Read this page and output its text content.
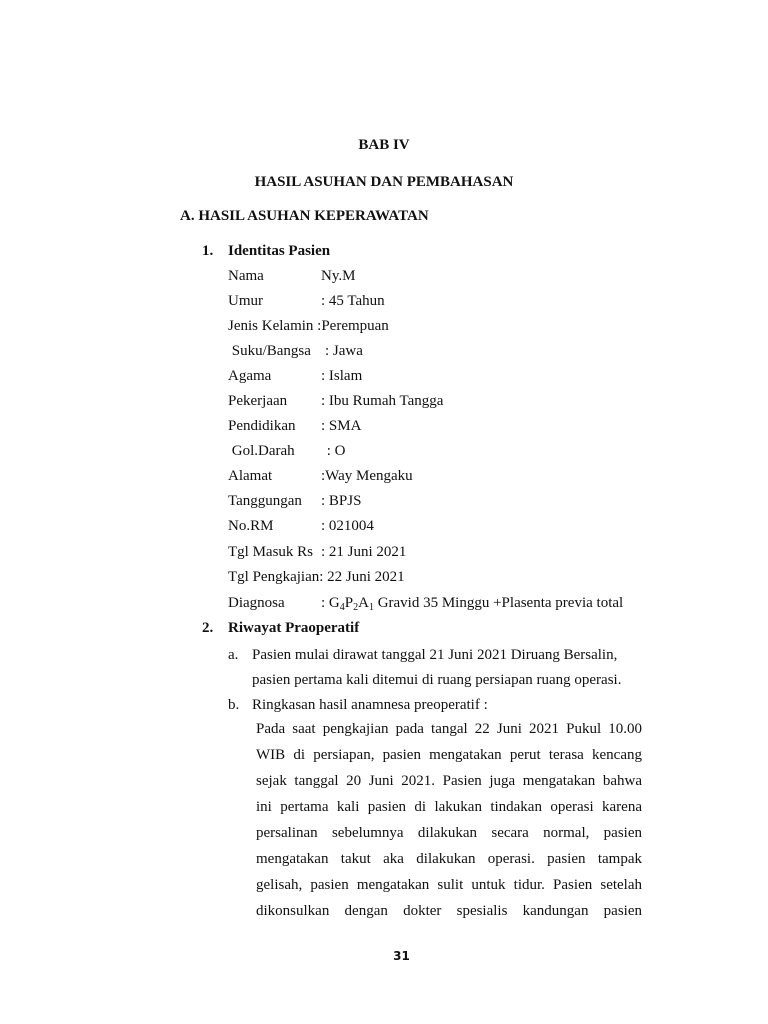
BAB IV
HASIL ASUHAN DAN PEMBAHASAN
A. HASIL ASUHAN KEPERAWATAN
1. Identitas Pasien
Nama	Ny.M
Umur	: 45 Tahun
Jenis Kelamin :Perempuan
Suku/Bangsa : Jawa
Agama	: Islam
Pekerjaan : Ibu Rumah Tangga
Pendidikan : SMA
Gol.Darah : O
Alamat	:Way Mengaku
Tanggungan : BPJS
No.RM	: 021004
Tgl Masuk Rs : 21 Juni 2021
Tgl Pengkajian: 22 Juni 2021
Diagnosa : $G_4P_2A_1$ Gravid 35 Minggu +Plasenta previa total
2. Riwayat Praoperatif
a. Pasien mulai dirawat tanggal 21 Juni 2021 Diruang Bersalin,
pasien pertama kali ditemui di ruang persiapan ruang operasi.
b. Ringkasan hasil anamnesa preoperatif :
Pada saat pengkajian pada tangal 22 Juni 2021 Pukul 10.00
WIB di persiapan, pasien mengatakan perut terasa kencang
sejak tanggal 20 Juni 2021. Pasien juga mengatakan bahwa
ini pertama kali pasien di lakukan tindakan operasi karena
persalinan sebelumnya dilakukan secara normal, pasien
mengatakan takut aka dilakukan operasi. pasien tampak
gelisah, pasien mengatakan sulit untuk tidur. Pasien setelah
dikonsulkan dengan dokter spesialis kandungan pasien
31
